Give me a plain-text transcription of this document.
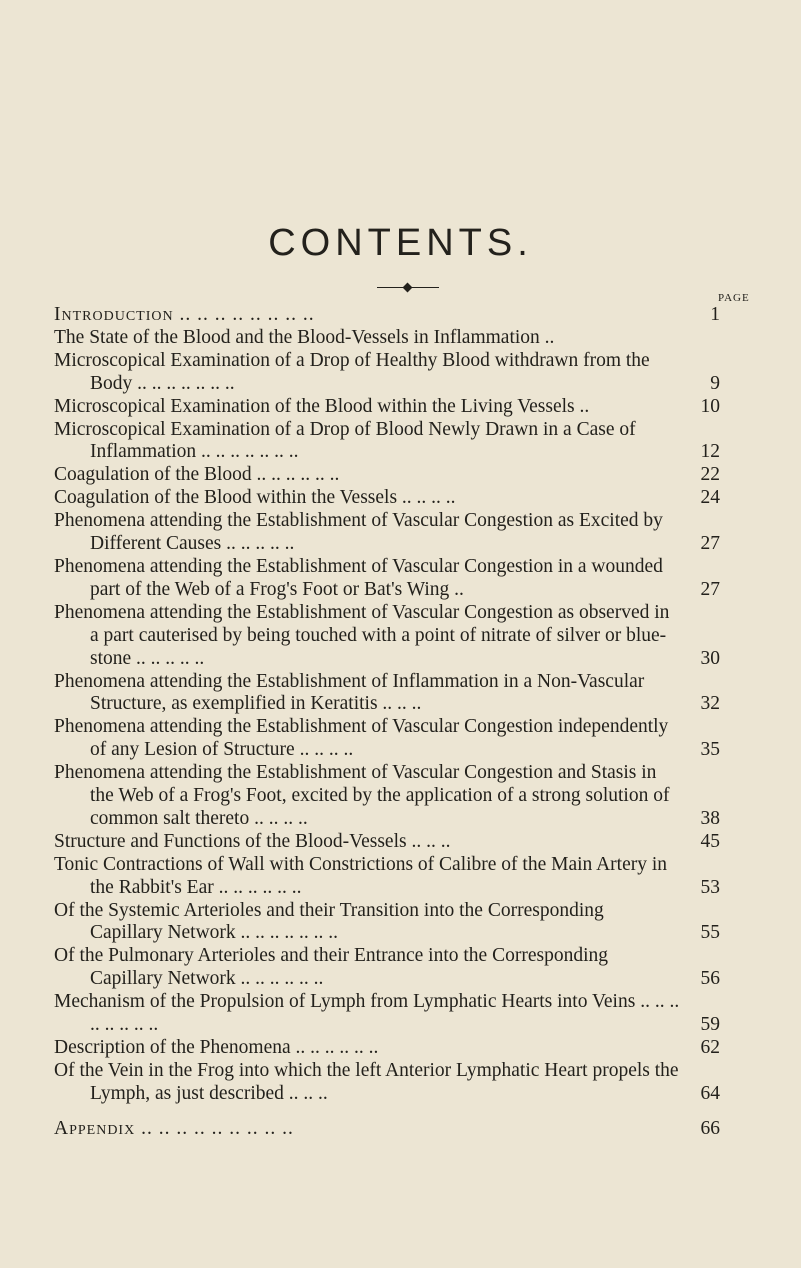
CONTENTS.
PAGE
Introduction .. .. .. .. .. .. .. ..	1
The State of the Blood and the Blood-Vessels in Inflammation ..
Microscopical Examination of a Drop of Healthy Blood withdrawn from the Body .. .. .. .. .. .. ..	9
Microscopical Examination of the Blood within the Living Vessels ..	10
Microscopical Examination of a Drop of Blood Newly Drawn in a Case of Inflammation .. .. .. .. .. .. ..	12
Coagulation of the Blood .. .. .. .. .. ..	22
Coagulation of the Blood within the Vessels .. .. .. ..	24
Phenomena attending the Establishment of Vascular Congestion as Excited by Different Causes .. .. .. .. ..	27
Phenomena attending the Establishment of Vascular Congestion in a wounded part of the Web of a Frog's Foot or Bat's Wing ..	27
Phenomena attending the Establishment of Vascular Congestion as observed in a part cauterised by being touched with a point of nitrate of silver or blue-stone .. .. .. .. ..	30
Phenomena attending the Establishment of Inflammation in a Non-Vascular Structure, as exemplified in Keratitis .. .. ..	32
Phenomena attending the Establishment of Vascular Congestion independently of any Lesion of Structure .. .. .. ..	35
Phenomena attending the Establishment of Vascular Congestion and Stasis in the Web of a Frog's Foot, excited by the application of a strong solution of common salt thereto .. .. .. ..	38
Structure and Functions of the Blood-Vessels .. .. ..	45
Tonic Contractions of Wall with Constrictions of Calibre of the Main Artery in the Rabbit's Ear .. .. .. .. .. ..	53
Of the Systemic Arterioles and their Transition into the Corresponding Capillary Network .. .. .. .. .. .. ..	55
Of the Pulmonary Arterioles and their Entrance into the Corresponding Capillary Network .. .. .. .. .. ..	56
Mechanism of the Propulsion of Lymph from Lymphatic Hearts into Veins .. .. .. .. .. .. .. ..	59
Description of the Phenomena .. .. .. .. .. ..	62
Of the Vein in the Frog into which the left Anterior Lymphatic Heart propels the Lymph, as just described .. .. ..	64
Appendix .. .. .. .. .. .. .. .. ..	66
